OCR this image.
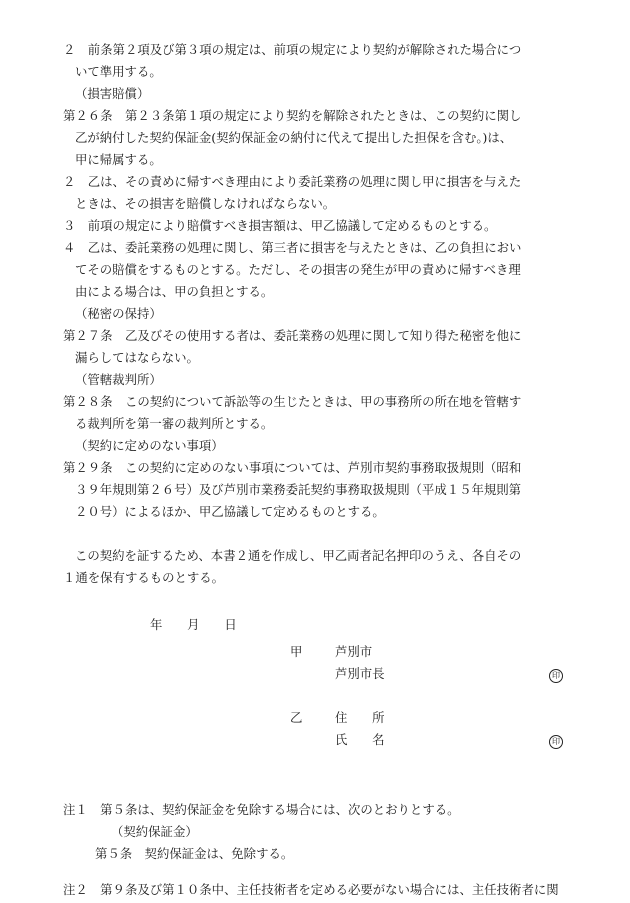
２　前条第２項及び第３項の規定は、前項の規定により契約が解除された場合につ
いて準用する。
（損害賠償）
第２６条　第２３条第１項の規定により契約を解除されたときは、この契約に関し
乙が納付した契約保証金(契約保証金の納付に代えて提出した担保を含む。)は、
甲に帰属する。
２　乙は、その責めに帰すべき理由により委託業務の処理に関し甲に損害を与えた
ときは、その損害を賠償しなければならない。
３　前項の規定により賠償すべき損害額は、甲乙協議して定めるものとする。
４　乙は、委託業務の処理に関し、第三者に損害を与えたときは、乙の負担におい
てその賠償をするものとする。ただし、その損害の発生が甲の責めに帰すべき理
由による場合は、甲の負担とする。
（秘密の保持）
第２７条　乙及びその使用する者は、委託業務の処理に関して知り得た秘密を他に
漏らしてはならない。
（管轄裁判所）
第２８条　この契約について訴訟等の生じたときは、甲の事務所の所在地を管轄す
る裁判所を第一審の裁判所とする。
（契約に定めのない事項）
第２９条　この契約に定めのない事項については、芦別市契約事務取扱規則（昭和
３９年規則第２６号）及び芦別市業務委託契約事務取扱規則（平成１５年規則第
２０号）によるほか、甲乙協議して定めるものとする。
この契約を証するため、本書２通を作成し、甲乙両者記名押印のうえ、各自その
１通を保有するものとする。
年　　月　　日
甲	芦別市
芦別市長
乙	住　　所
氏　　名
注１　第５条は、契約保証金を免除する場合には、次のとおりとする。
（契約保証金）
第５条　契約保証金は、免除する。
注２　第９条及び第１０条中、主任技術者を定める必要がない場合には、主任技術者に関
印
印
